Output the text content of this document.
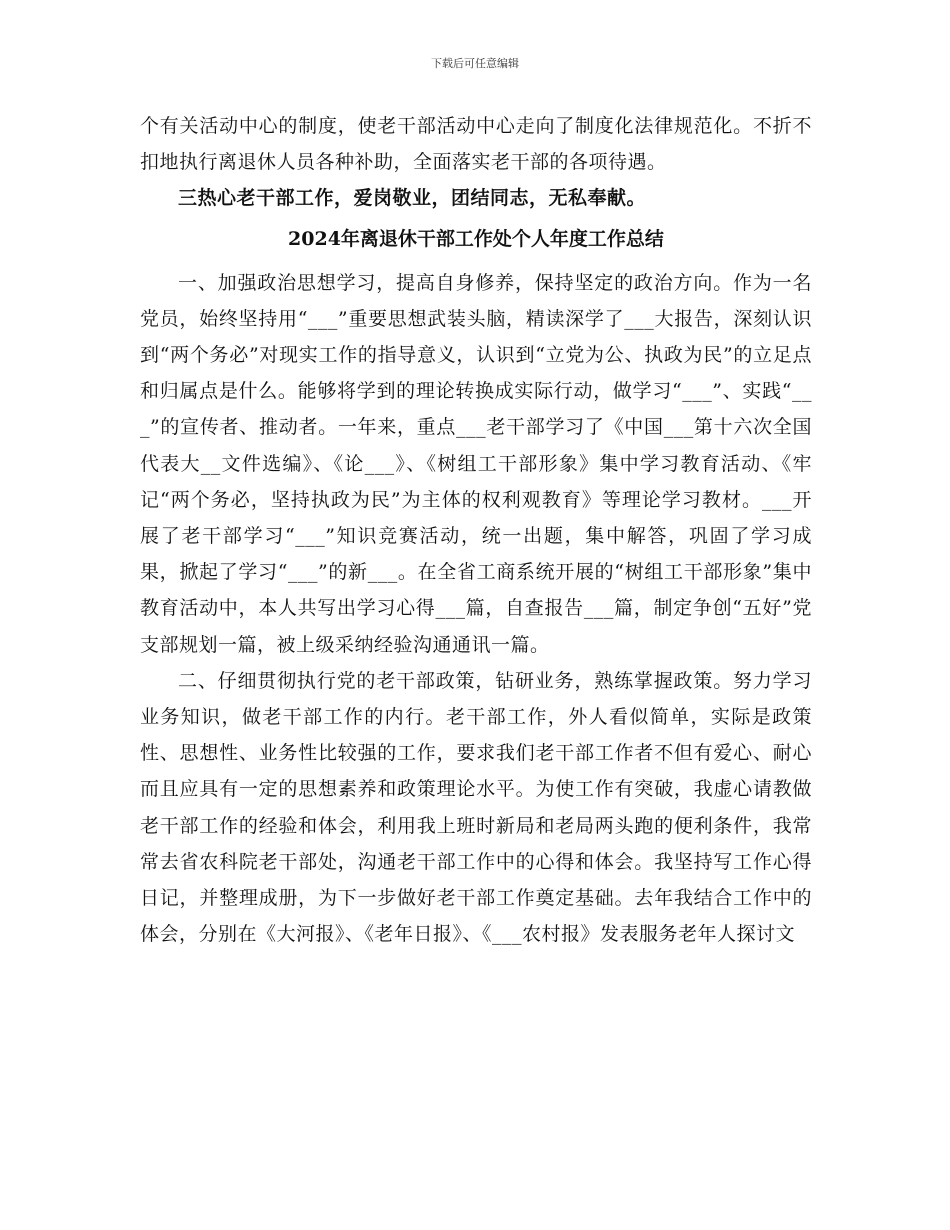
下载后可任意编辑

个有关活动中心的制度，使老干部活动中心走向了制度化法律规范化。不折不扣地执行离退休人员各种补助，全面落实老干部的各项待遇。

三热心老干部工作，爱岗敬业，团结同志，无私奉献。

2024年离退休干部工作处个人年度工作总结

一、加强政治思想学习，提高自身修养，保持坚定的政治方向。作为一名党员，始终坚持用“___”重要思想武装头脑，精读深学了___大报告，深刻认识到“两个务必”对现实工作的指导意义，认识到“立党为公、执政为民”的立足点和归属点是什么。能够将学到的理论转换成实际行动，做学习“___”、实践“___”的宣传者、推动者。一年来，重点___老干部学习了《中国___第十六次全国代表大__文件选编》、《论___》、《树组工干部形象》集中学习教育活动、《牢记“两个务必，坚持执政为民”为主体的权利观教育》等理论学习教材。___开展了老干部学习“___”知识竞赛活动，统一出题，集中解答，巩固了学习成果，掀起了学习“___”的新___。在全省工商系统开展的“树组工干部形象”集中教育活动中，本人共写出学习心得___篇，自查报告___篇，制定争创“五好”党支部规划一篇，被上级采纳经验沟通通讯一篇。

二、仔细贯彻执行党的老干部政策，钻研业务，熟练掌握政策。努力学习业务知识，做老干部工作的内行。老干部工作，外人看似简单，实际是政策性、思想性、业务性比较强的工作，要求我们老干部工作者不但有爱心、耐心而且应具有一定的思想素养和政策理论水平。为使工作有突破，我虚心请教做老干部工作的经验和体会，利用我上班时新局和老局两头跑的便利条件，我常常去省农科院老干部处，沟通老干部工作中的心得和体会。我坚持写工作心得日记，并整理成册，为下一步做好老干部工作奠定基础。去年我结合工作中的体会，分别在《大河报》、《老年日报》、《___农村报》发表服务老年人探讨文
